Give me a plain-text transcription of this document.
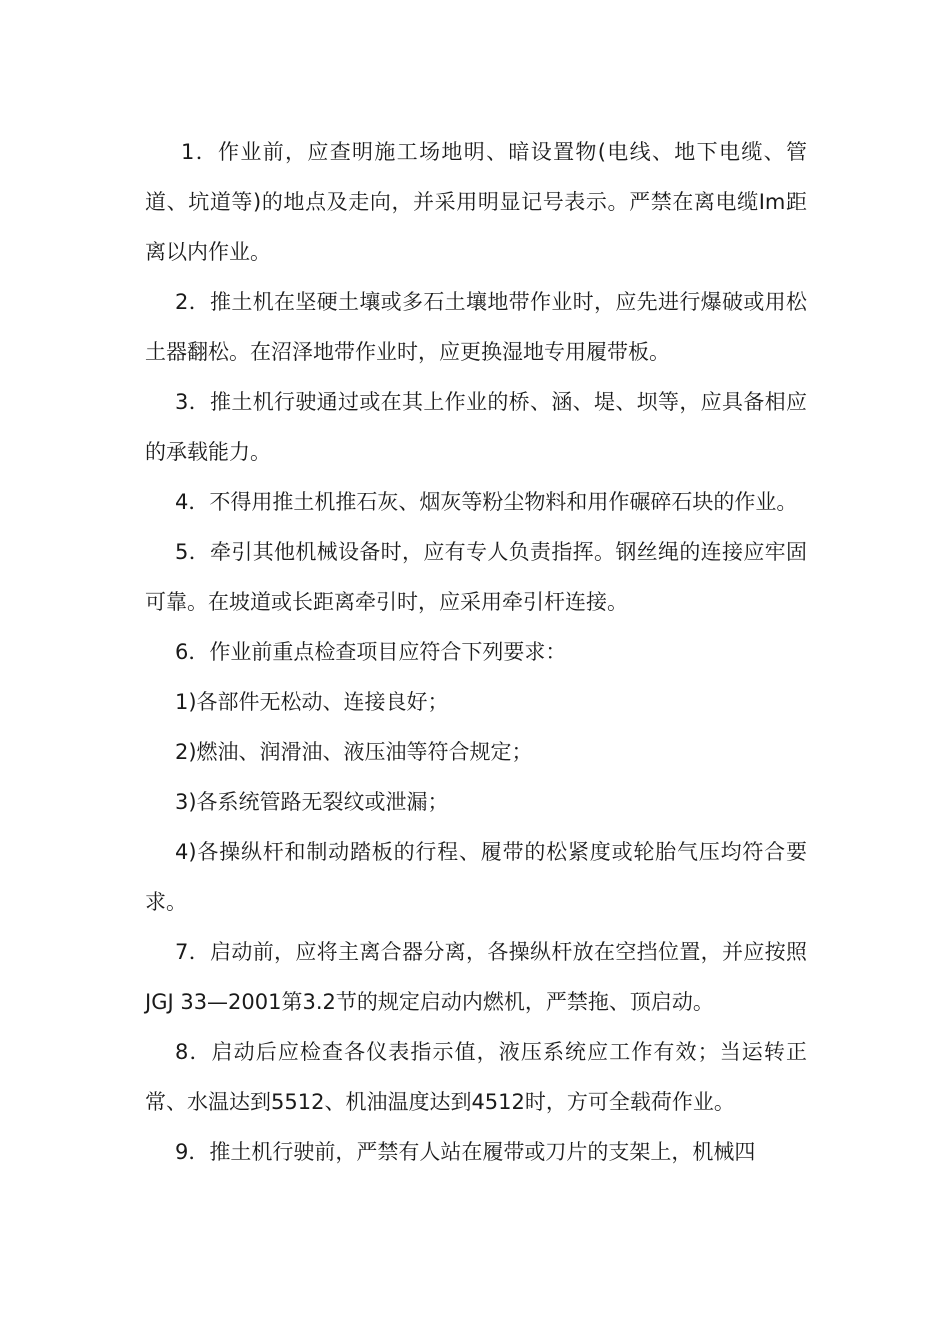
1．作业前，应查明施工场地明、暗设置物(电线、地下电缆、管道、坑道等)的地点及走向，并采用明显记号表示。严禁在离电缆Im距离以内作业。

2．推土机在坚硬土壤或多石土壤地带作业时，应先进行爆破或用松土器翻松。在沼泽地带作业时，应更换湿地专用履带板。

3．推土机行驶通过或在其上作业的桥、涵、堤、坝等，应具备相应的承载能力。

4．不得用推土机推石灰、烟灰等粉尘物料和用作碾碎石块的作业。

5．牵引其他机械设备时，应有专人负责指挥。钢丝绳的连接应牢固可靠。在坡道或长距离牵引时，应采用牵引杆连接。

6．作业前重点检查项目应符合下列要求：

1)各部件无松动、连接良好；

2)燃油、润滑油、液压油等符合规定；

3)各系统管路无裂纹或泄漏；

4)各操纵杆和制动踏板的行程、履带的松紧度或轮胎气压均符合要求。

7．启动前，应将主离合器分离，各操纵杆放在空挡位置，并应按照JGJ 33—2001第3.2节的规定启动内燃机，严禁拖、顶启动。

8．启动后应检查各仪表指示值，液压系统应工作有效；当运转正常、水温达到5512、机油温度达到4512时，方可全载荷作业。

9．推土机行驶前，严禁有人站在履带或刀片的支架上，机械四
